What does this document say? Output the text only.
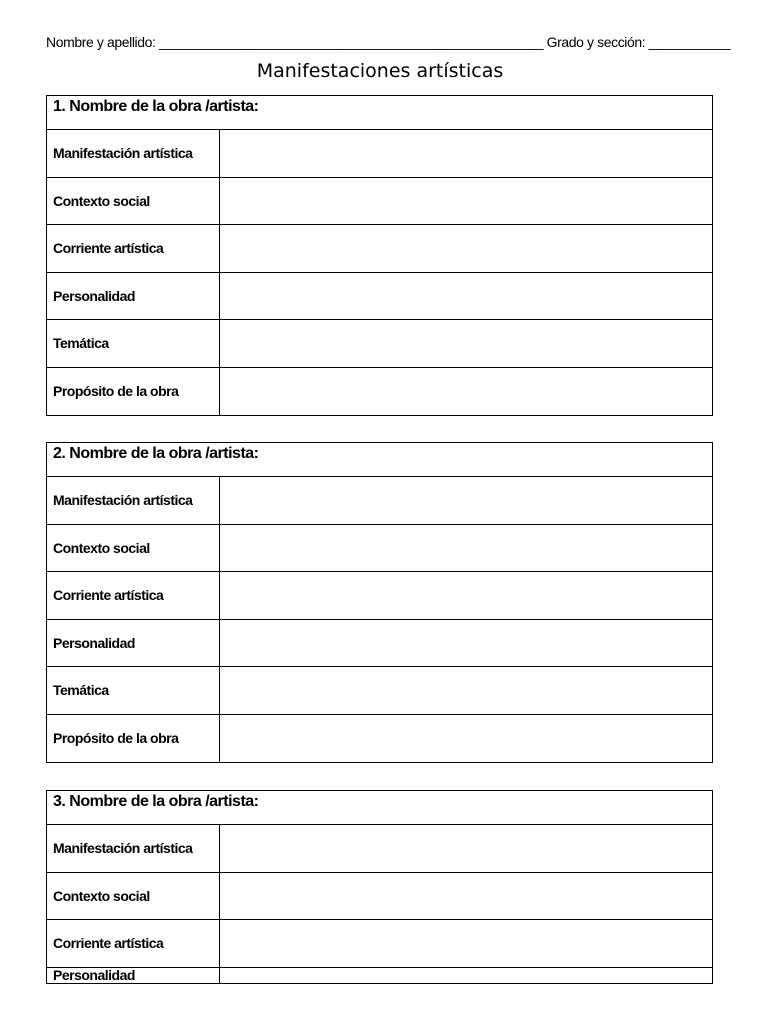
Nombre y apellido: ____________________________________________________ Grado y sección: ___________
Manifestaciones artísticas
1. Nombre de la obra /artista:
Manifestación artística
Contexto social
Corriente artística
Personalidad
Temática
Propósito de la obra
2. Nombre de la obra /artista:
Manifestación artística
Contexto social
Corriente artística
Personalidad
Temática
Propósito de la obra
3. Nombre de la obra /artista:
Manifestación artística
Contexto social
Corriente artística
Personalidad
